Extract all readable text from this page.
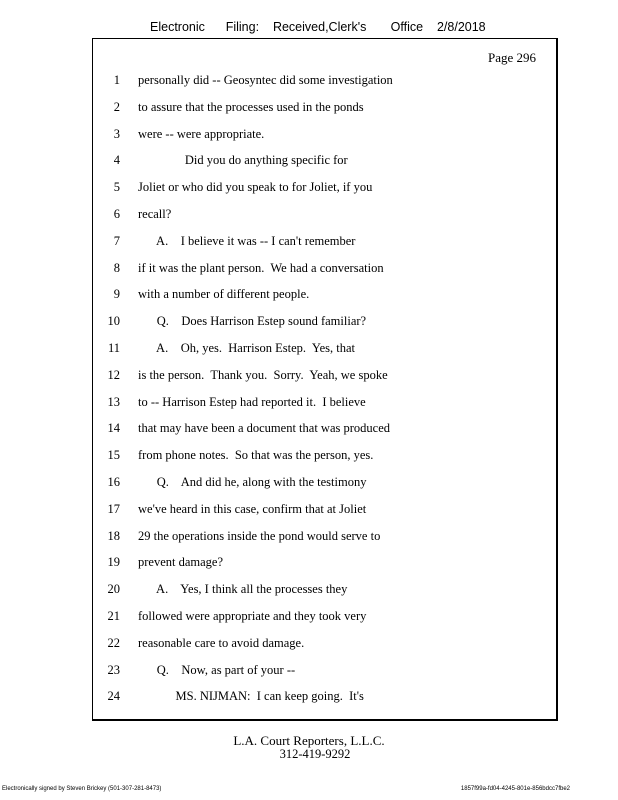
Electronic      Filing:    Received,Clerk's       Office    2/8/2018
Page 296
1 personally did -- Geosyntec did some investigation
2 to assure that the processes used in the ponds
3 were -- were appropriate.
4 Did you do anything specific for
5 Joliet or who did you speak to for Joliet, if you
6 recall?
7 A.    I believe it was -- I can't remember
8 if it was the plant person.  We had a conversation
9 with a number of different people.
10 Q.    Does Harrison Estep sound familiar?
11 A.    Oh, yes.  Harrison Estep.  Yes, that
12 is the person.  Thank you.  Sorry.  Yeah, we spoke
13 to -- Harrison Estep had reported it.  I believe
14 that may have been a document that was produced
15 from phone notes.  So that was the person, yes.
16 Q.    And did he, along with the testimony
17 we've heard in this case, confirm that at Joliet
18 29 the operations inside the pond would serve to
19 prevent damage?
20 A.    Yes, I think all the processes they
21 followed were appropriate and they took very
22 reasonable care to avoid damage.
23 Q.    Now, as part of your --
24 MS. NIJMAN:  I can keep going.  It's
L.A. Court Reporters, L.L.C.
312-419-9292
Electronically signed by Steven Brickey (501-307-281-8473)	1857f99a-fd04-4245-801e-856bdcc7fbe2
